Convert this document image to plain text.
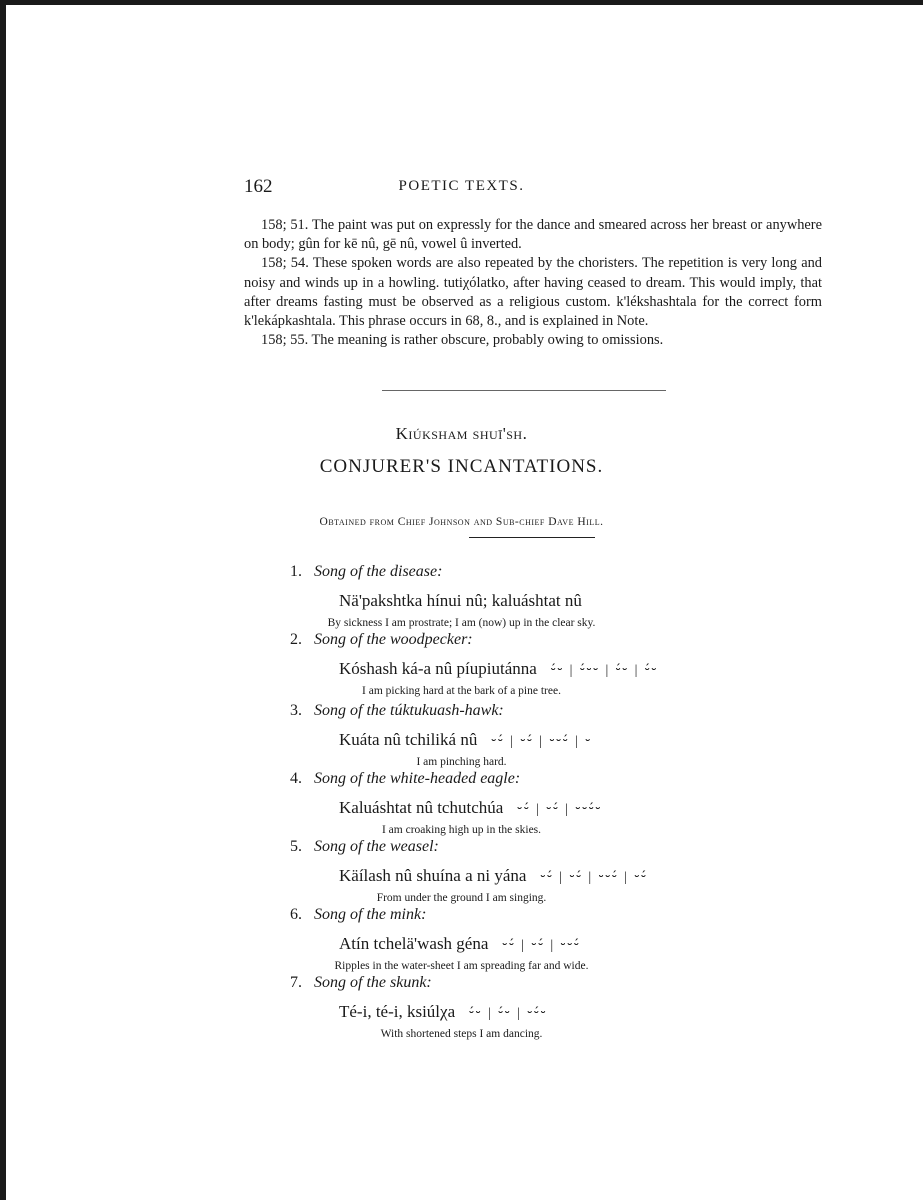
162	POETIC TEXTS.

158; 51. The paint was put on expressly for the dance and smeared across her breast or anywhere on body; gûn for kē nû, gē nû, vowel û inverted.

158; 54. These spoken words are also repeated by the choristers. The repetition is very long and noisy and winds up in a howling. tutiχólatko, after having ceased to dream. This would imply, that after dreams fasting must be observed as a religious custom. k'lékshashtala for the correct form k'lekápkashtala. This phrase occurs in 68, 8., and is explained in Note.

158; 55. The meaning is rather obscure, probably owing to omissions.

Kiúksham shuī'sh.
CONJURER'S INCANTATIONS.
Obtained from Chief Johnson and Sub-chief Dave Hill.
1. Song of the disease:
Nä'pakshtka hínui nû; kaluáshtat nû
By sickness I am prostrate; I am (now) up in the clear sky.
2. Song of the woodpecker:
Kóshash ká-a nû píupiutánna ⏑́⏑ | ⏑́⏑⏑ | ⏑́⏑ | ⏑́⏑
I am picking hard at the bark of a pine tree.
3. Song of the túktukuash-hawk:
Kuáta nû tchiliká nû ⏑⏑́ | ⏑⏑́ | ⏑⏑⏑́ | ⏑
I am pinching hard.
4. Song of the white-headed eagle:
Kaluáshtat nû tchutchúa ⏑⏑́ | ⏑⏑́ | ⏑⏑⏑́⏑
I am croaking high up in the skies.
5. Song of the weasel:
Käílash nû shuína a ni yána ⏑⏑́ | ⏑⏑́ | ⏑⏑⏑́ | ⏑⏑́
From under the ground I am singing.
6. Song of the mink:
Atín tchelä'wash géna ⏑⏑́ | ⏑⏑́ | ⏑⏑⏑́
Ripples in the water-sheet I am spreading far and wide.
7. Song of the skunk:
Té-i, té-i, ksiúlχa ⏑́⏑ | ⏑́⏑ | ⏑⏑́⏑
With shortened steps I am dancing.
